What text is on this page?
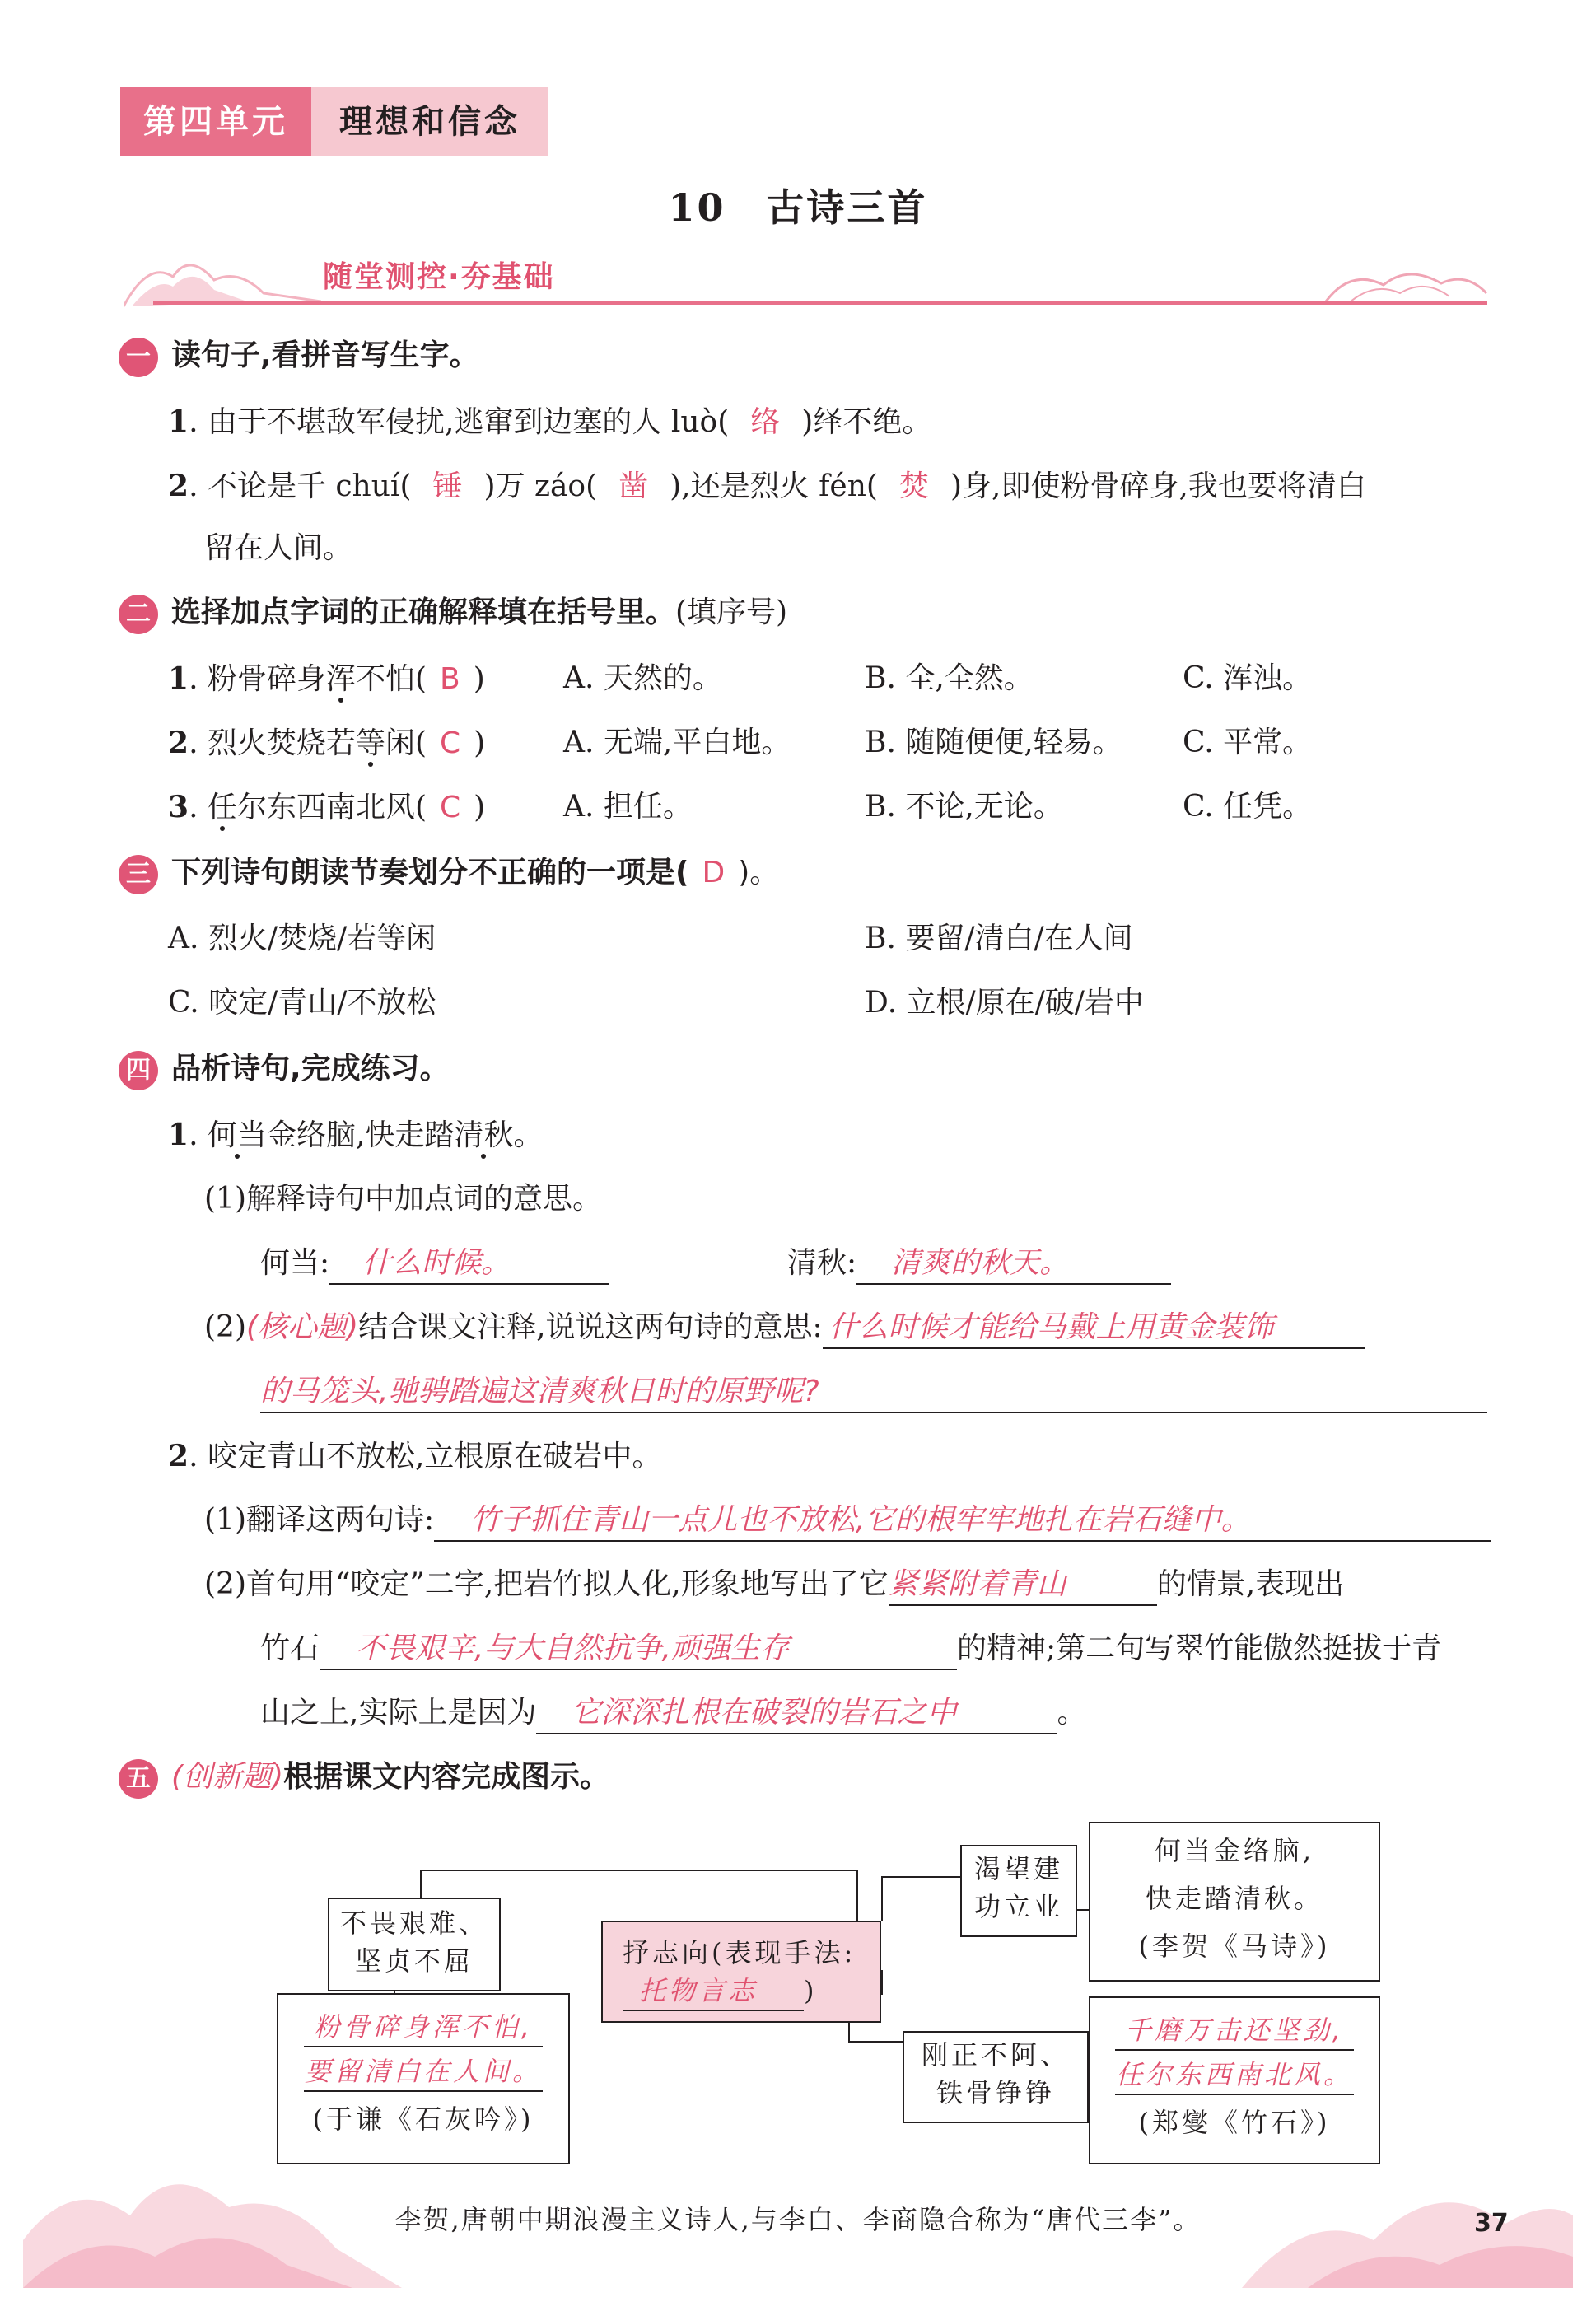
第四单元	理想和信念
10　古诗三首
随堂测控·夯基础
一 读句子,看拼音写生字。
1. 由于不堪敌军侵扰,逃窜到边塞的人 luò( 络 )绎不绝。
2. 不论是千 chuí( 锤 )万 záo( 凿 ),还是烈火 fén( 焚 )身,即使粉骨碎身,我也要将清白
留在人间。
二 选择加点字词的正确解释填在括号里。(填序号)
1. 粉骨碎身浑不怕( B )	A. 天然的。	B. 全,全然。	C. 浑浊。
2. 烈火焚烧若等闲( C )	A. 无端,平白地。 B. 随随便便,轻易。 C. 平常。
3. 任尔东西南北风( C )	A. 担任。	B. 不论,无论。	C. 任凭。
三 下列诗句朗读节奏划分不正确的一项是( D )。
A. 烈火/焚烧/若等闲	B. 要留/清白/在人间
C. 咬定/青山/不放松	D. 立根/原在/破/岩中
四 品析诗句,完成练习。
1. 何当金络脑,快走踏清秋。
(1)解释诗句中加点词的意思。
何当: 什么时候。	清秋: 清爽的秋天。
(2)(核心题)结合课文注释,说说这两句诗的意思: 什么时候才能给马戴上用黄金装饰
的马笼头,驰骋踏遍这清爽秋日时的原野呢?
2. 咬定青山不放松,立根原在破岩中。
(1)翻译这两句诗: 竹子抓住青山一点儿也不放松,它的根牢牢地扎在岩石缝中。
(2)首句用“咬定”二字,把岩竹拟人化,形象地写出了它紧紧附着青山	的情景,表现出
竹石 不畏艰辛,与大自然抗争,顽强生存	的精神;第二句写翠竹能傲然挺拔于青
山之上,实际上是因为 它深深扎根在破裂的岩石之中	。
五 (创新题)根据课文内容完成图示。
不畏艰难、
坚贞不屈	抒志向(表现手法:
托物言志 )
粉骨碎身浑不怕,
要留清白在人间。
(于谦《石灰吟》)
渴望建
功立业
何当金络脑,
快走踏清秋。
(李贺《马诗》)
刚正不阿、
铁骨铮铮
千磨万击还坚劲,
任尔东西南北风。
(郑燮《竹石》)
李贺,唐朝中期浪漫主义诗人,与李白、李商隐合称为“唐代三李”。	37
